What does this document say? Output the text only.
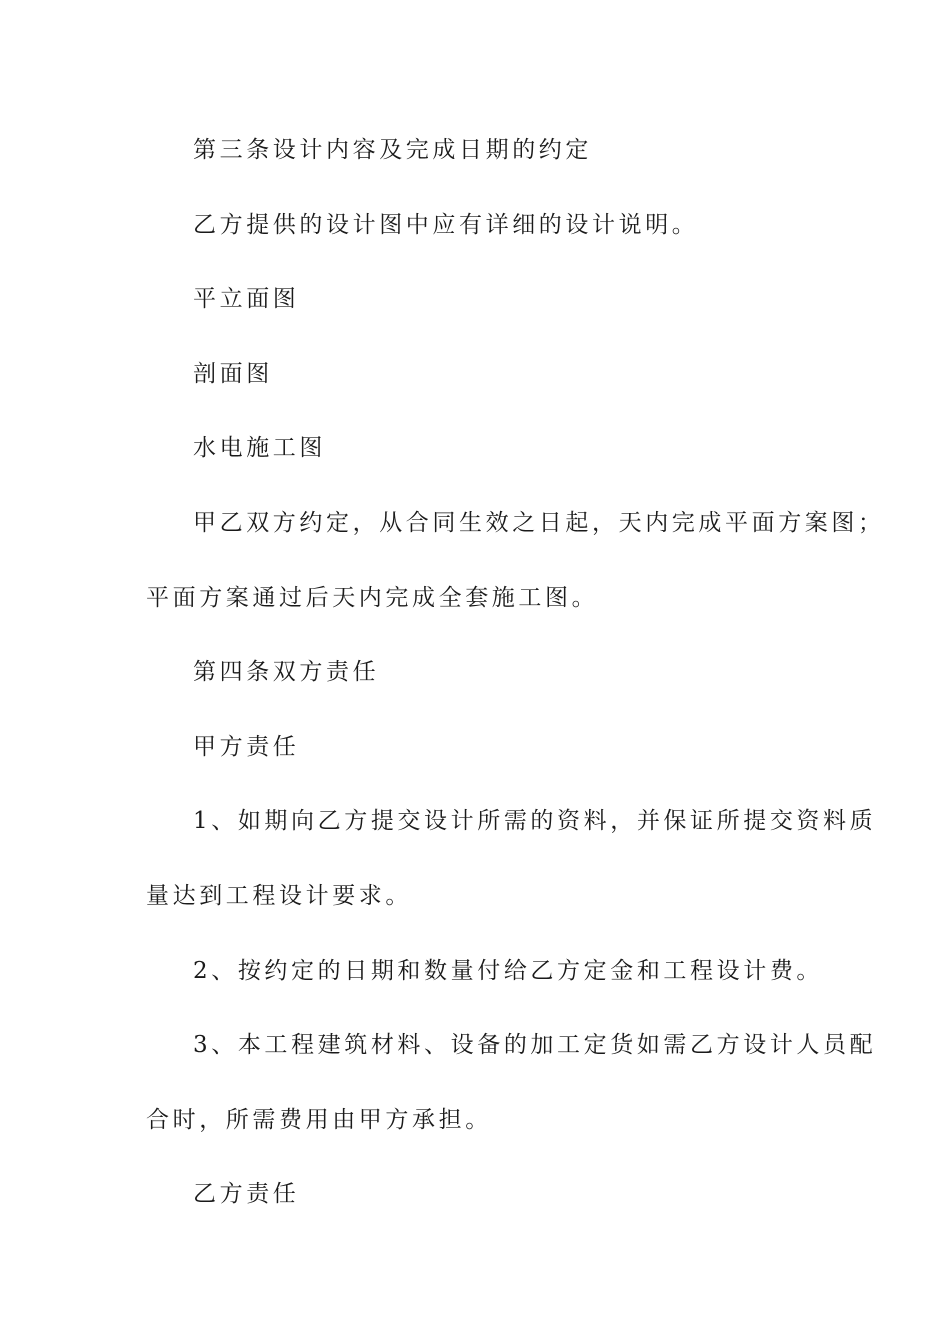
第三条设计内容及完成日期的约定
乙方提供的设计图中应有详细的设计说明。
平立面图
剖面图
水电施工图
甲乙双方约定，从合同生效之日起，天内完成平面方案图；
平面方案通过后天内完成全套施工图。
第四条双方责任
甲方责任
1、如期向乙方提交设计所需的资料，并保证所提交资料质
量达到工程设计要求。
2、按约定的日期和数量付给乙方定金和工程设计费。
3、本工程建筑材料、设备的加工定货如需乙方设计人员配
合时，所需费用由甲方承担。
乙方责任
